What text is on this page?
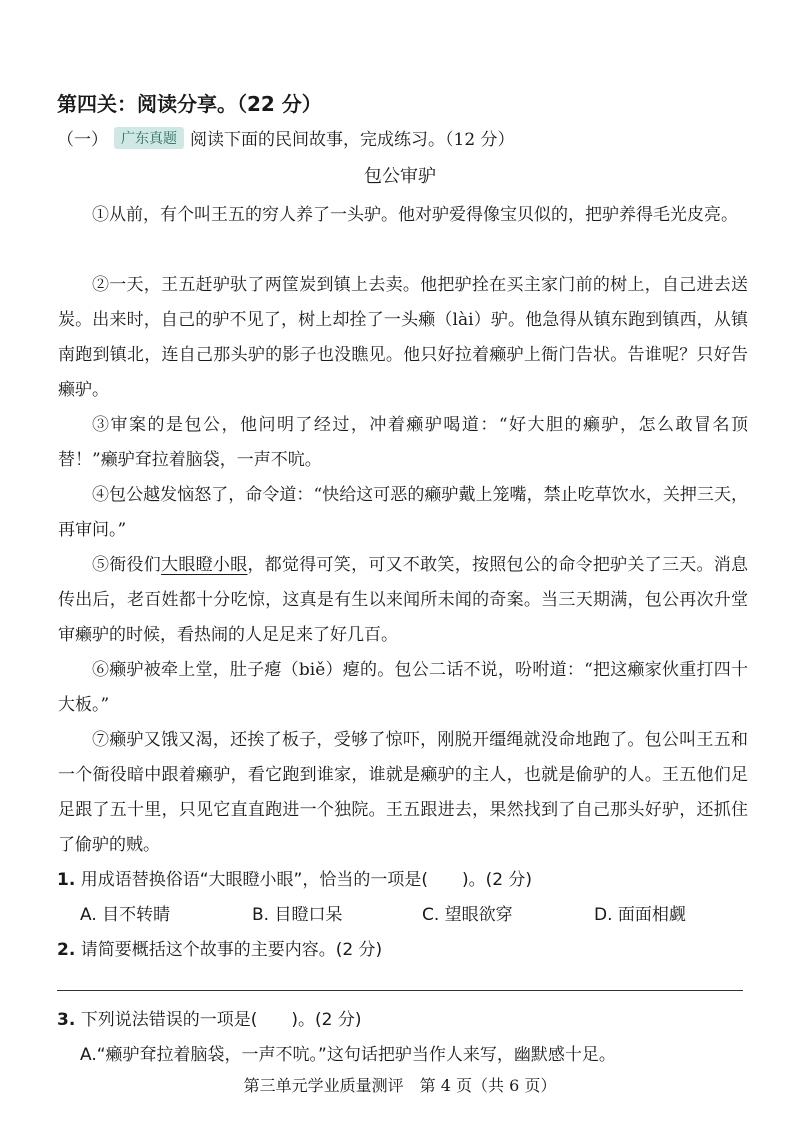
第四关：阅读分享。（22 分）
（一） 广东真题 阅读下面的民间故事，完成练习。（12 分）
包公审驴
①从前，有个叫王五的穷人养了一头驴。他对驴爱得像宝贝似的，把驴养得毛光皮亮。
②一天，王五赶驴驮了两筐炭到镇上去卖。他把驴拴在买主家门前的树上，自己进去送炭。出来时，自己的驴不见了，树上却拴了一头癞（lài）驴。他急得从镇东跑到镇西，从镇南跑到镇北，连自己那头驴的影子也没瞧见。他只好拉着癞驴上衙门告状。告谁呢？只好告癞驴。
③审案的是包公，他问明了经过，冲着癞驴喝道：“好大胆的癞驴，怎么敢冒名顶替！”癞驴耷拉着脑袋，一声不吭。
④包公越发恼怒了，命令道：“快给这可恶的癞驴戴上笼嘴，禁止吃草饮水，关押三天，再审问。”
⑤衙役们大眼瞪小眼，都觉得可笑，可又不敢笑，按照包公的命令把驴关了三天。消息传出后，老百姓都十分吃惊，这真是有生以来闻所未闻的奇案。当三天期满，包公再次升堂审癞驴的时候，看热闹的人足足来了好几百。
⑥癞驴被牵上堂，肚子瘪（biě）瘪的。包公二话不说，吩咐道：“把这癞家伙重打四十大板。”
⑦癞驴又饿又渴，还挨了板子，受够了惊吓，刚脱开缰绳就没命地跑了。包公叫王五和一个衙役暗中跟着癞驴，看它跑到谁家，谁就是癞驴的主人，也就是偷驴的人。王五他们足足跟了五十里，只见它直直跑进一个独院。王五跟进去，果然找到了自己那头好驴，还抓住了偷驴的贼。
1. 用成语替换俗语“大眼瞪小眼”，恰当的一项是(　　)。(2 分)
A. 目不转睛	B. 目瞪口呆	C. 望眼欲穿	D. 面面相觑
2. 请简要概括这个故事的主要内容。(2 分)
3. 下列说法错误的一项是(　　)。(2 分)
A.“癞驴耷拉着脑袋，一声不吭。”这句话把驴当作人来写，幽默感十足。
第三单元学业质量测评　第 4 页（共 6 页）
